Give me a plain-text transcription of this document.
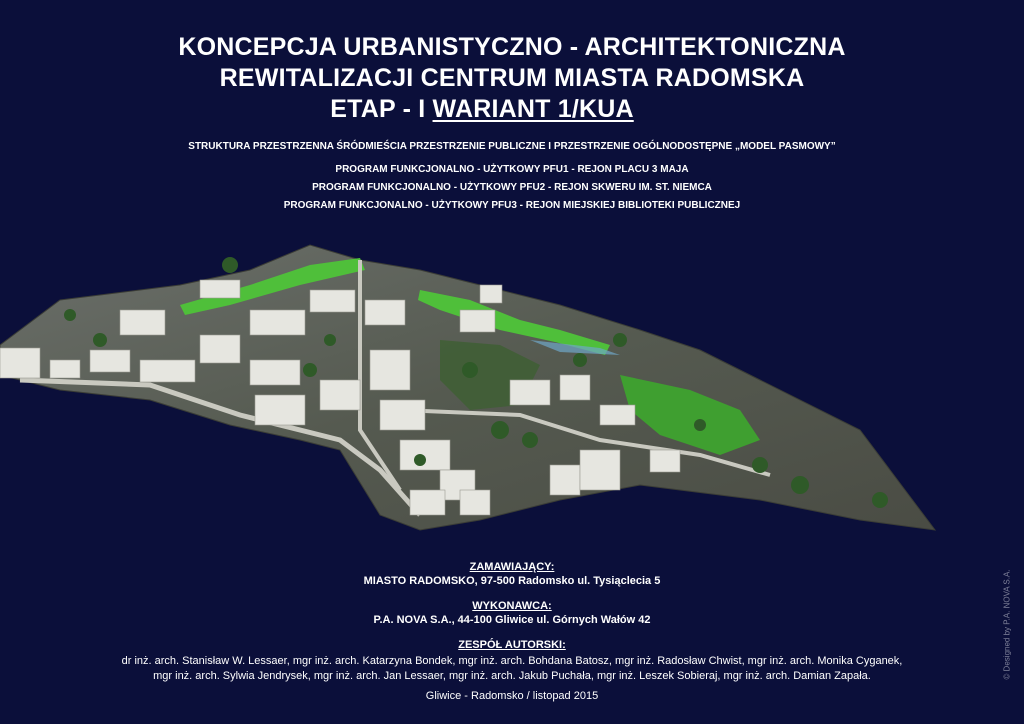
KONCEPCJA URBANISTYCZNO - ARCHITEKTONICZNA
REWITALIZACJI CENTRUM MIASTA RADOMSKA
ETAP - I WARIANT 1/KUA
STRUKTURA PRZESTRZENNA ŚRÓDMIEŚCIA PRZESTRZENIE PUBLICZNE I PRZESTRZENIE OGÓLNODOSTĘPNE „MODEL PASMOWY”
PROGRAM FUNKCJONALNO - UŻYTKOWY PFU1 - REJON PLACU 3 MAJA
PROGRAM FUNKCJONALNO - UŻYTKOWY PFU2 - REJON SKWERU IM. ST. NIEMCA
PROGRAM FUNKCJONALNO - UŻYTKOWY PFU3 - REJON MIEJSKIEJ BIBLIOTEKI PUBLICZNEJ
ZAMAWIAJĄCY:
MIASTO RADOMSKO, 97-500 Radomsko ul. Tysiąclecia 5
WYKONAWCA:
P.A. NOVA S.A., 44-100 Gliwice ul. Górnych Wałów 42
ZESPÓŁ AUTORSKI:
dr inż. arch. Stanisław W. Lessaer, mgr inż. arch. Katarzyna Bondek, mgr inż. arch. Bohdana Batosz, mgr inż. Radosław Chwist, mgr inż. arch. Monika Cyganek,
mgr inż. arch. Sylwia Jendrysek, mgr inż. arch. Jan Lessaer, mgr inż. arch. Jakub Puchała, mgr inż. Leszek Sobieraj, mgr inż. arch. Damian Zapała.
Gliwice - Radomsko / listopad 2015
© Designed by P.A. NOVA S.A.
